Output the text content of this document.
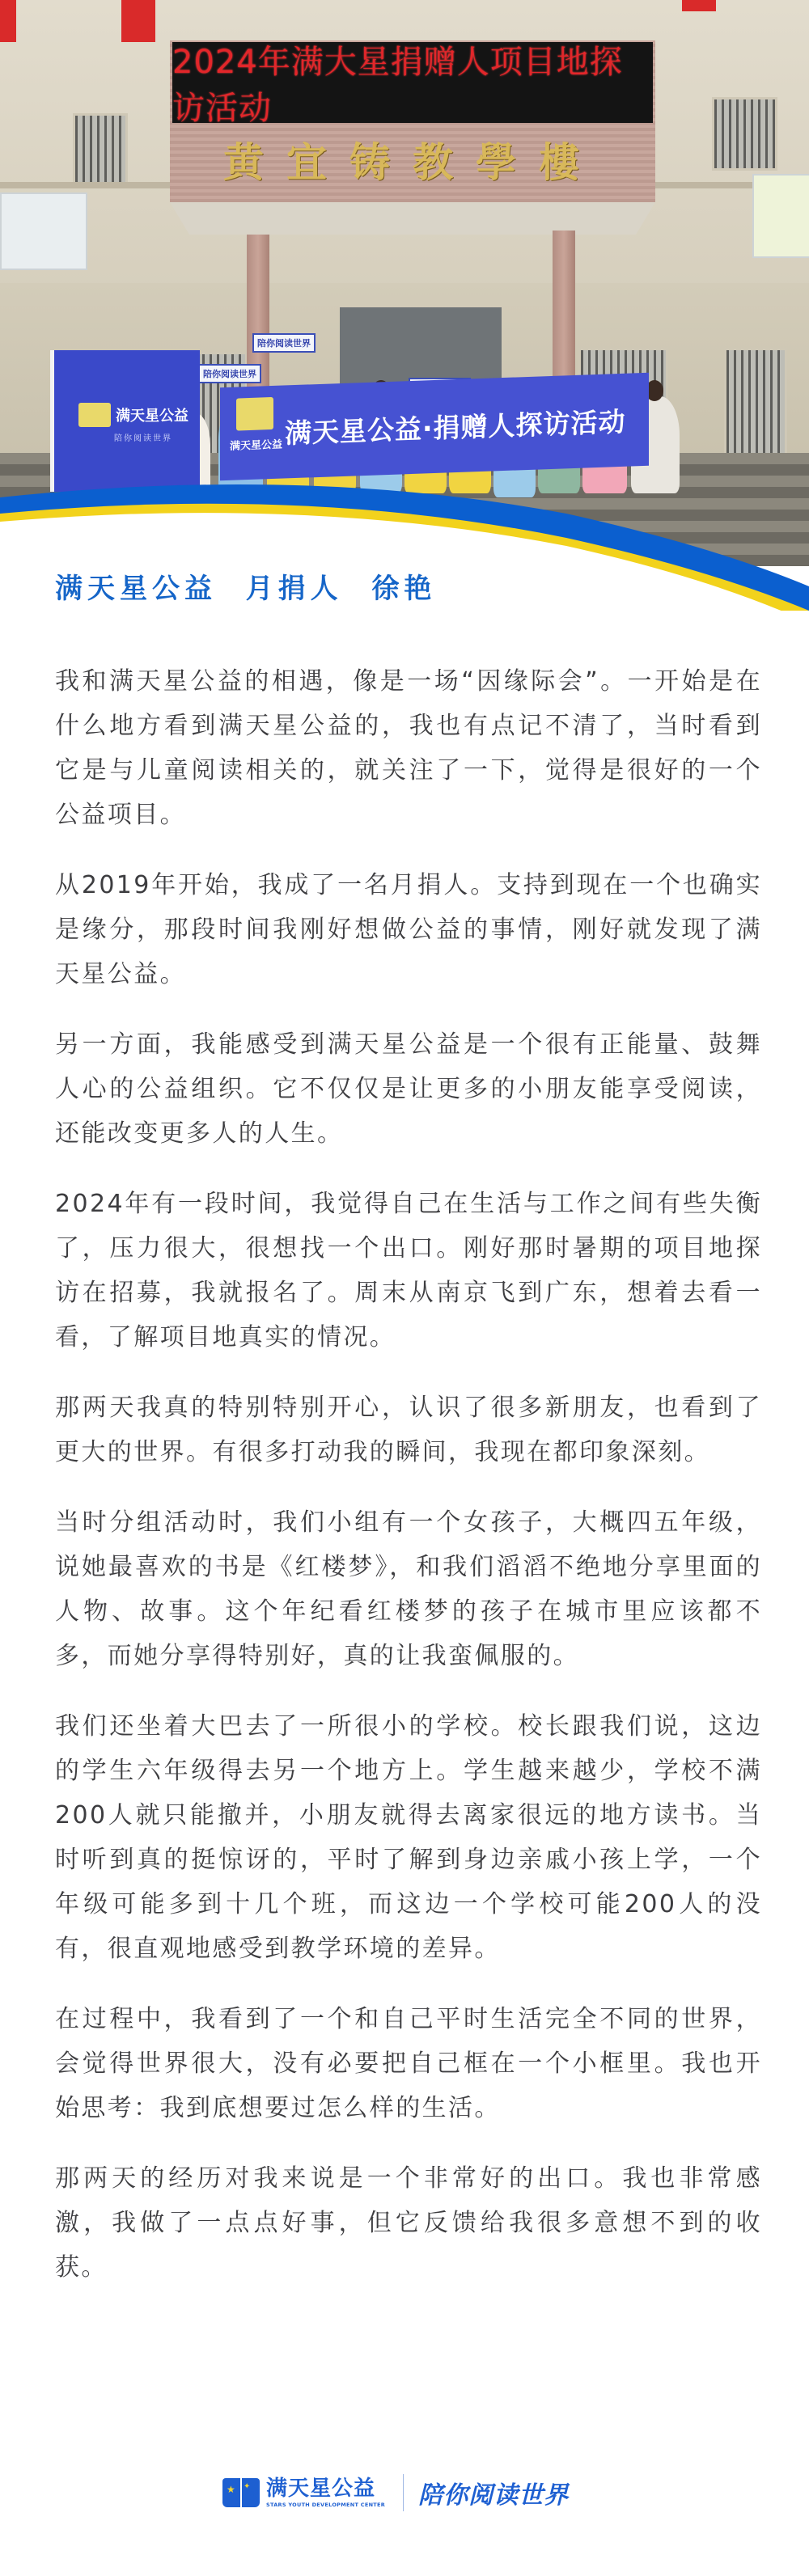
2024年满大星捐赠人项目地探访活动
黄宜铸教學樓
陪你阅读世界
陪你阅读世界
满天星公益
陪你阅读世界
满天星公益 满天星公益·捐赠人探访活动
满天星公益  月捐人  徐艳

我和满天星公益的相遇，像是一场“因缘际会”。一开始是在什么地方看到满天星公益的，我也有点记不清了，当时看到它是与儿童阅读相关的，就关注了一下，觉得是很好的一个公益项目。

从2019年开始，我成了一名月捐人。支持到现在一个也确实是缘分，那段时间我刚好想做公益的事情，刚好就发现了满天星公益。

另一方面，我能感受到满天星公益是一个很有正能量、鼓舞人心的公益组织。它不仅仅是让更多的小朋友能享受阅读，还能改变更多人的人生。

2024年有一段时间，我觉得自己在生活与工作之间有些失衡了，压力很大，很想找一个出口。刚好那时暑期的项目地探访在招募，我就报名了。周末从南京飞到广东，想着去看一看，了解项目地真实的情况。

那两天我真的特别特别开心，认识了很多新朋友，也看到了更大的世界。有很多打动我的瞬间，我现在都印象深刻。

当时分组活动时，我们小组有一个女孩子，大概四五年级，说她最喜欢的书是《红楼梦》，和我们滔滔不绝地分享里面的人物、故事。这个年纪看红楼梦的孩子在城市里应该都不多，而她分享得特别好，真的让我蛮佩服的。

我们还坐着大巴去了一所很小的学校。校长跟我们说，这边的学生六年级得去另一个地方上。学生越来越少，学校不满200人就只能撤并，小朋友就得去离家很远的地方读书。当时听到真的挺惊讶的，平时了解到身边亲戚小孩上学，一个年级可能多到十几个班，而这边一个学校可能200人的没有，很直观地感受到教学环境的差异。

在过程中，我看到了一个和自己平时生活完全不同的世界，会觉得世界很大，没有必要把自己框在一个小框里。我也开始思考：我到底想要过怎么样的生活。

那两天的经历对我来说是一个非常好的出口。我也非常感激，我做了一点点好事，但它反馈给我很多意想不到的收获。

★ ✦ 满天星公益
STARS YOUTH DEVELOPMENT CENTER 陪你阅读世界
